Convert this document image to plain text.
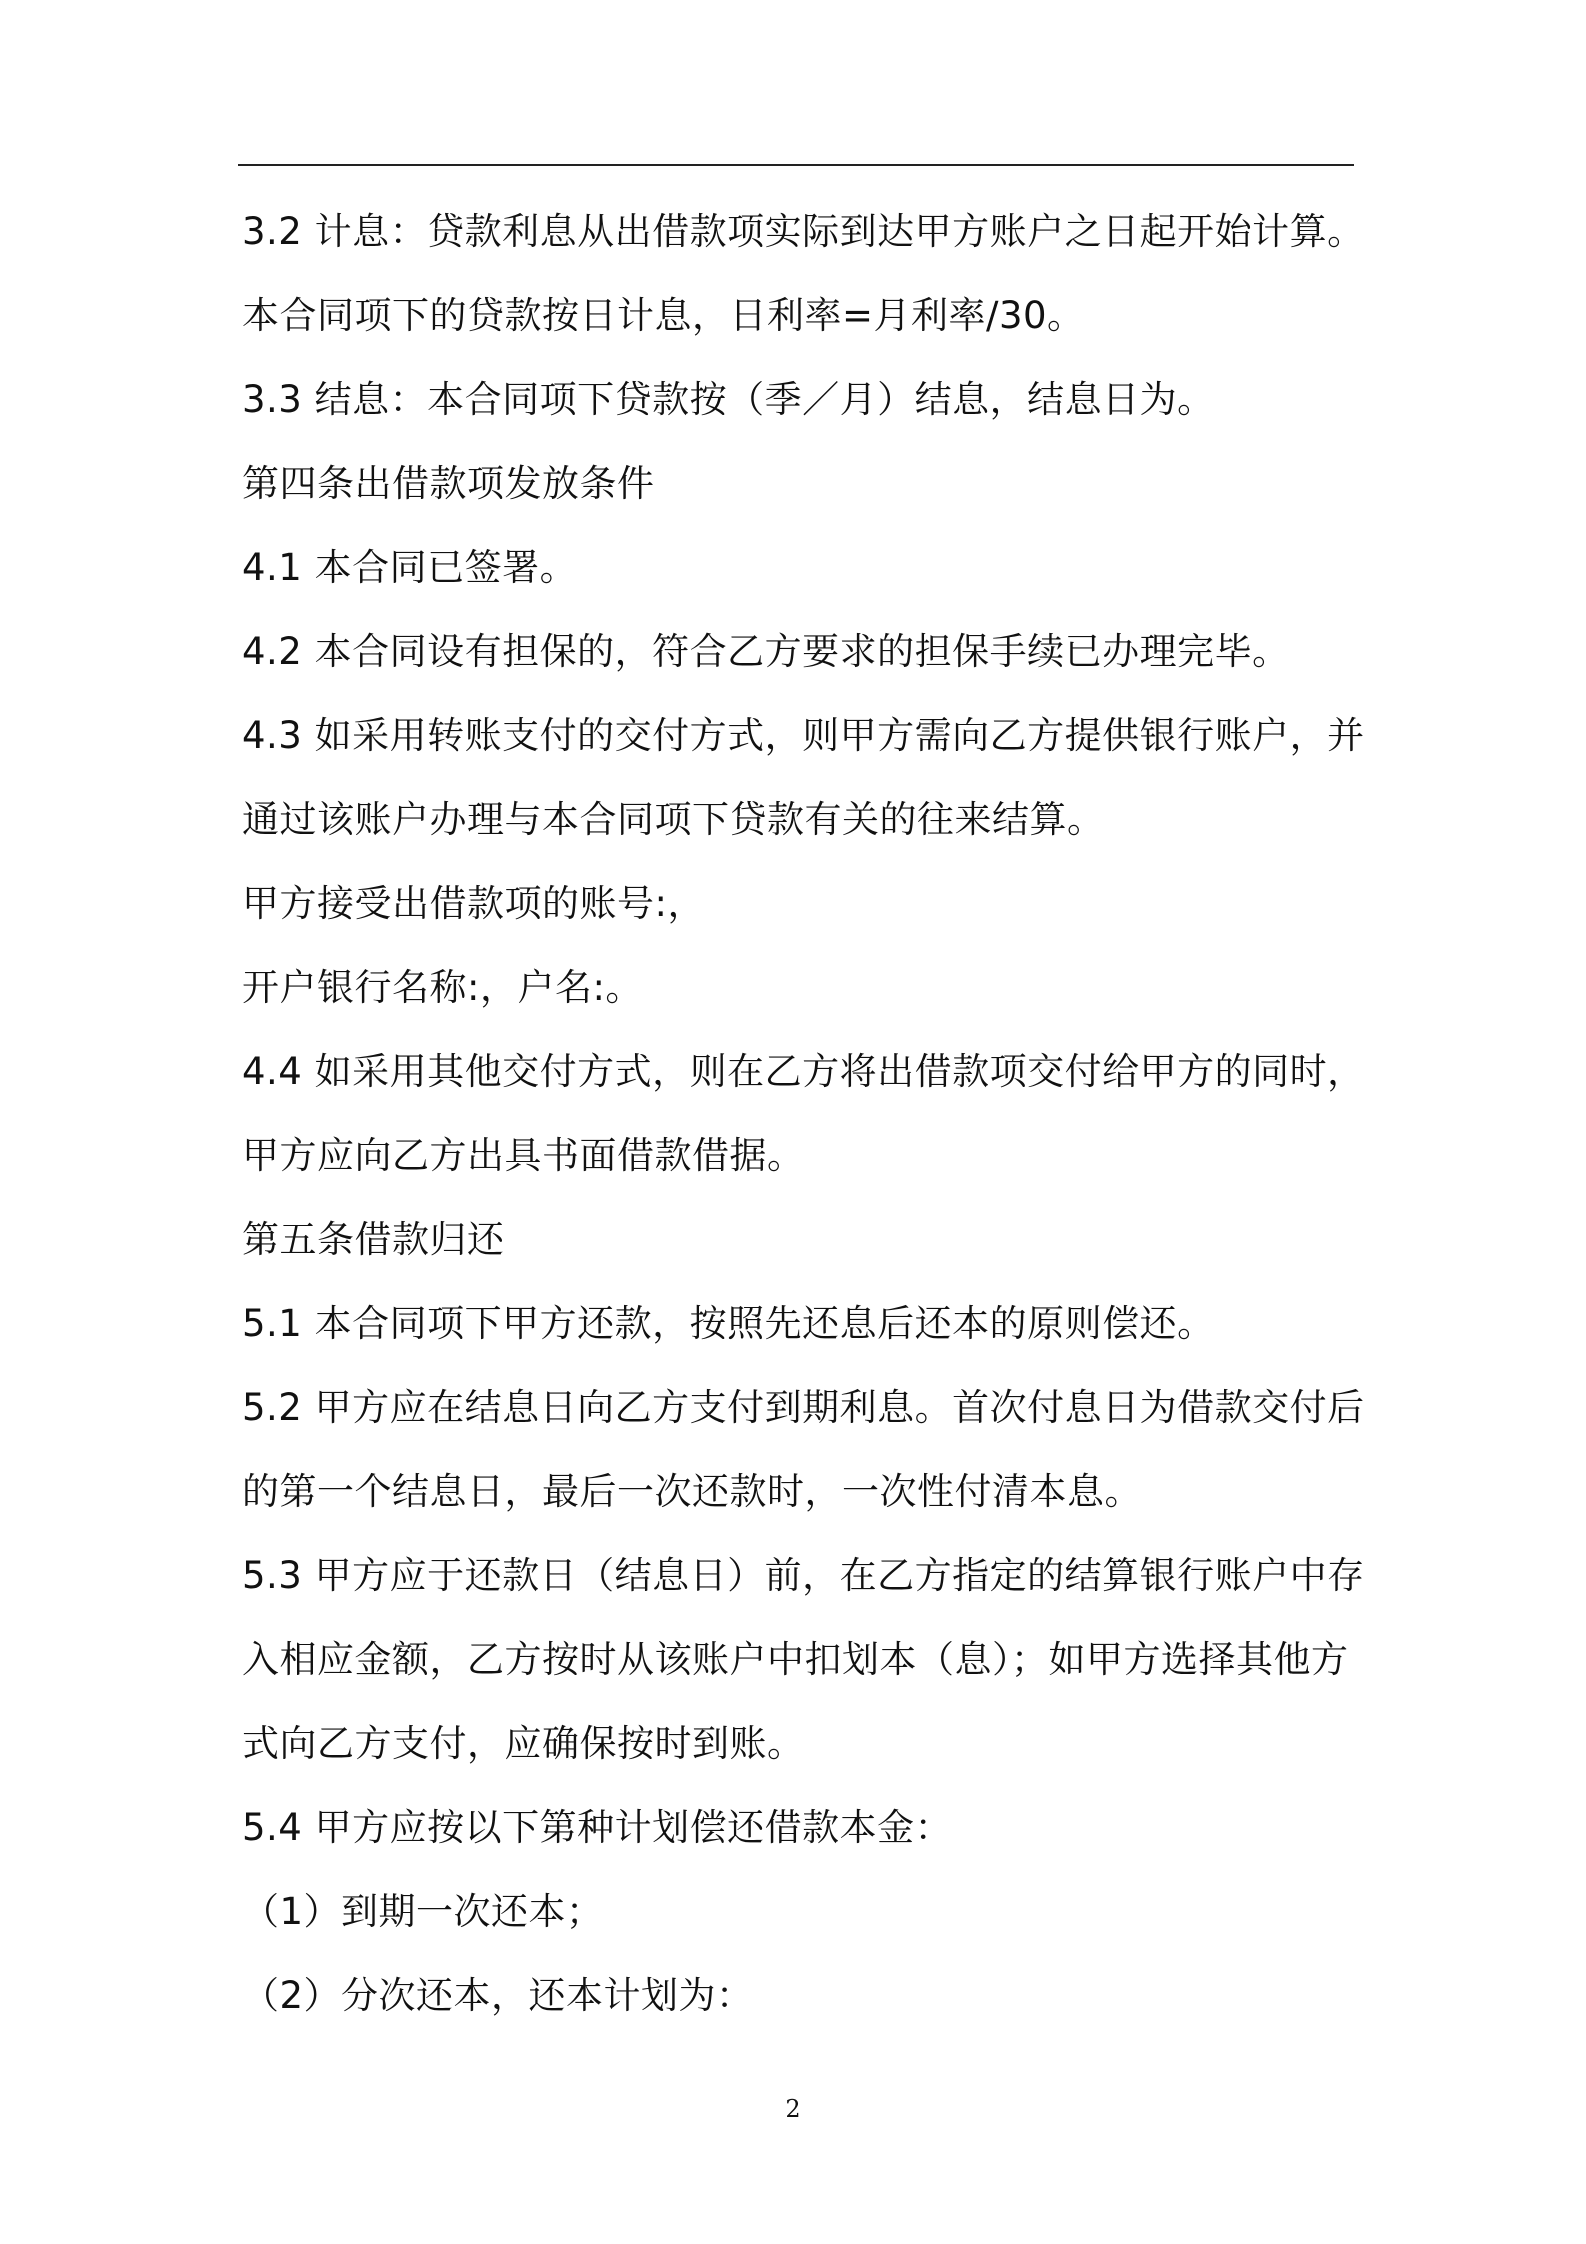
3.2 计息：贷款利息从出借款项实际到达甲方账户之日起开始计算。
本合同项下的贷款按日计息，日利率=月利率/30。
3.3 结息：本合同项下贷款按（季／月）结息，结息日为。
第四条出借款项发放条件
4.1 本合同已签署。
4.2 本合同设有担保的，符合乙方要求的担保手续已办理完毕。
4.3 如采用转账支付的交付方式，则甲方需向乙方提供银行账户，并
通过该账户办理与本合同项下贷款有关的往来结算。
甲方接受出借款项的账号:，
开户银行名称:，户名:。
4.4 如采用其他交付方式，则在乙方将出借款项交付给甲方的同时，
甲方应向乙方出具书面借款借据。
第五条借款归还
5.1 本合同项下甲方还款，按照先还息后还本的原则偿还。
5.2 甲方应在结息日向乙方支付到期利息。首次付息日为借款交付后
的第一个结息日，最后一次还款时，一次性付清本息。
5.3 甲方应于还款日（结息日）前，在乙方指定的结算银行账户中存
入相应金额，乙方按时从该账户中扣划本（息）；如甲方选择其他方
式向乙方支付，应确保按时到账。
5.4 甲方应按以下第种计划偿还借款本金：
（1）到期一次还本；
（2）分次还本，还本计划为：
2
